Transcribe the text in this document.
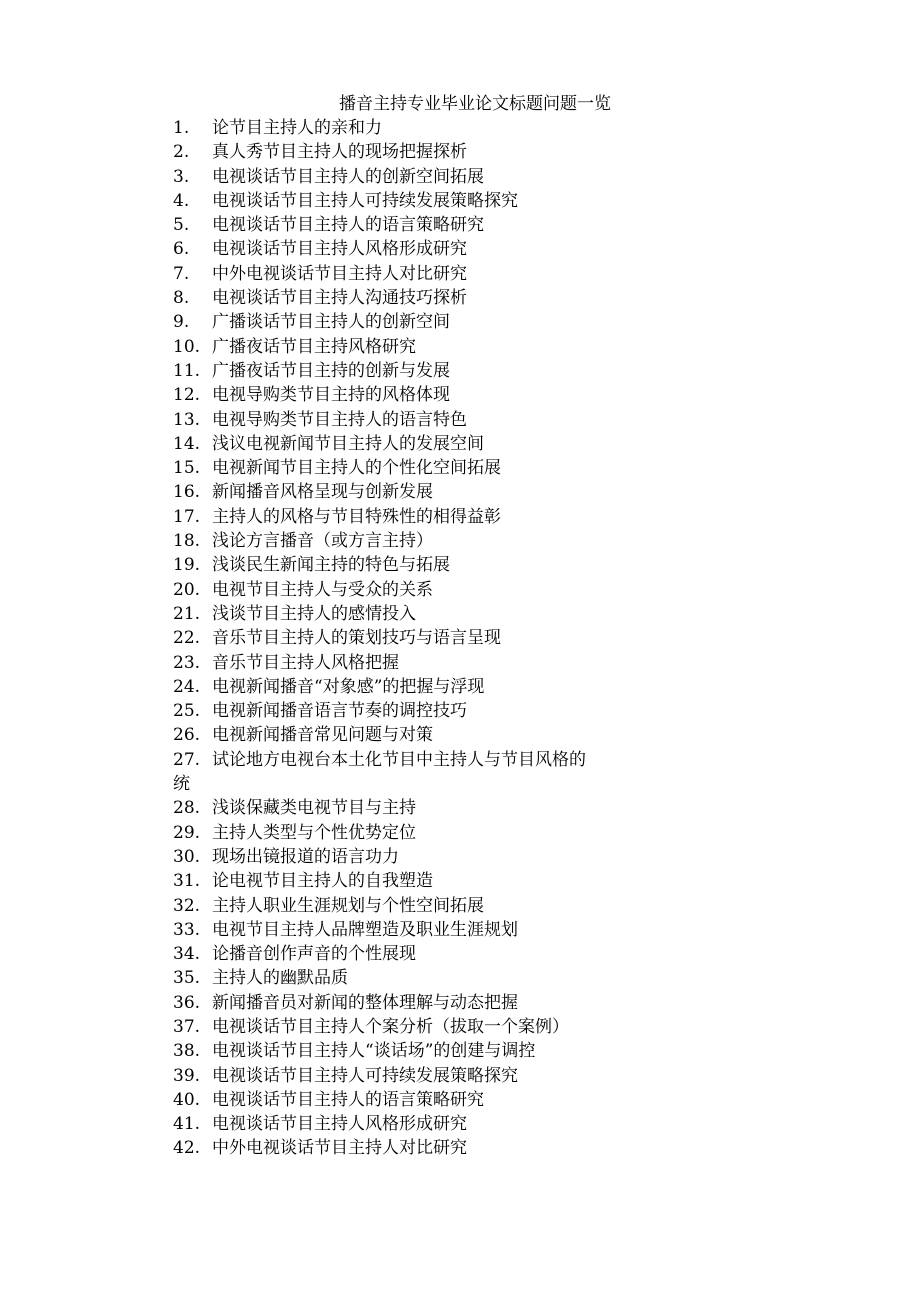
播音主持专业毕业论文标题问题一览
1. 论节目主持人的亲和力
2. 真人秀节目主持人的现场把握探析
3. 电视谈话节目主持人的创新空间拓展
4. 电视谈话节目主持人可持续发展策略探究
5. 电视谈话节目主持人的语言策略研究
6. 电视谈话节目主持人风格形成研究
7. 中外电视谈话节目主持人对比研究
8. 电视谈话节目主持人沟通技巧探析
9. 广播谈话节目主持人的创新空间
10. 广播夜话节目主持风格研究
11. 广播夜话节目主持的创新与发展
12. 电视导购类节目主持的风格体现
13. 电视导购类节目主持人的语言特色
14. 浅议电视新闻节目主持人的发展空间
15. 电视新闻节目主持人的个性化空间拓展
16. 新闻播音风格呈现与创新发展
17. 主持人的风格与节目特殊性的相得益彰
18. 浅论方言播音（或方言主持）
19. 浅谈民生新闻主持的特色与拓展
20. 电视节目主持人与受众的关系
21. 浅谈节目主持人的感情投入
22. 音乐节目主持人的策划技巧与语言呈现
23. 音乐节目主持人风格把握
24. 电视新闻播音“对象感”的把握与浮现
25. 电视新闻播音语言节奏的调控技巧
26. 电视新闻播音常见问题与对策
27. 试论地方电视台本土化节目中主持人与节目风格的
统
28. 浅谈保藏类电视节目与主持
29. 主持人类型与个性优势定位
30. 现场出镜报道的语言功力
31. 论电视节目主持人的自我塑造
32. 主持人职业生涯规划与个性空间拓展
33. 电视节目主持人品牌塑造及职业生涯规划
34. 论播音创作声音的个性展现
35. 主持人的幽默品质
36. 新闻播音员对新闻的整体理解与动态把握
37. 电视谈话节目主持人个案分析（拔取一个案例）
38. 电视谈话节目主持人“谈话场”的创建与调控
39. 电视谈话节目主持人可持续发展策略探究
40. 电视谈话节目主持人的语言策略研究
41. 电视谈话节目主持人风格形成研究
42. 中外电视谈话节目主持人对比研究
